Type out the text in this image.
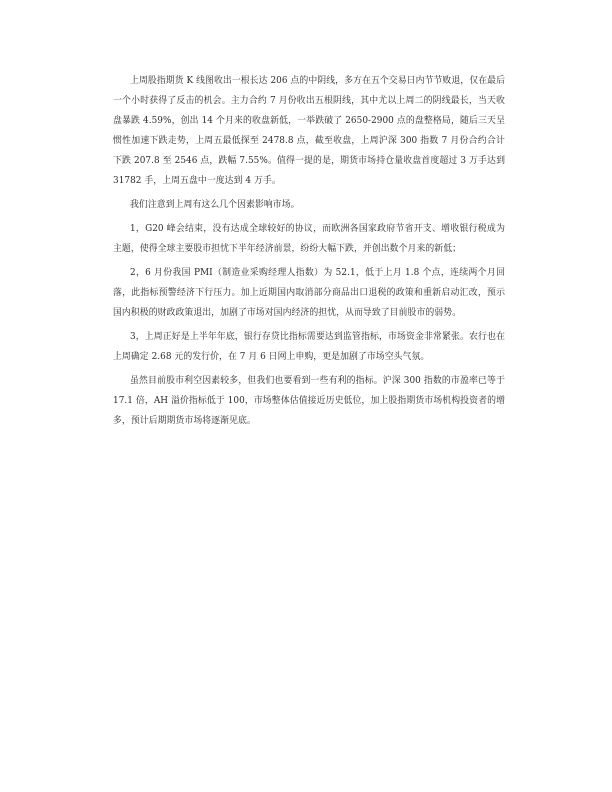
上周股指期货 K 线图收出一根长达 206 点的中阴线，多方在五个交易日内节节败退，仅在最后一个小时获得了反击的机会。主力合约 7 月份收出五根阴线，其中尤以上周二的阴线最长，当天收盘暴跌 4.59%，创出 14 个月来的收盘新低，一举跌破了 2650-2900 点的盘整格局，随后三天呈惯性加速下跌走势，上周五最低探至 2478.8 点，截至收盘，上周沪深 300 指数 7 月份合约合计下跌 207.8 至 2546 点，跌幅 7.55%。值得一提的是，期货市场持仓量收盘首度超过 3 万手达到 31782 手，上周五盘中一度达到 4 万手。

我们注意到上周有这么几个因素影响市场。

1，G20 峰会结束，没有达成全球较好的协议，而欧洲各国家政府节省开支、增收银行税成为主题，使得全球主要股市担忧下半年经济前景，纷纷大幅下跌，并创出数个月来的新低；

2，6 月份我国 PMI（制造业采购经理人指数）为 52.1，低于上月 1.8 个点，连续两个月回落，此指标预警经济下行压力。加上近期国内取消部分商品出口退税的政策和重新启动汇改，预示国内积极的财政政策退出，加剧了市场对国内经济的担忧，从而导致了目前股市的弱势。

3，上周正好是上半年年底，银行存贷比指标需要达到监管指标，市场资金非常紧张。农行也在上周确定 2.68 元的发行价，在 7 月 6 日网上申购，更是加剧了市场空头气氛。

虽然目前股市利空因素较多，但我们也要看到一些有利的指标。沪深 300 指数的市盈率已等于 17.1 倍，AH 溢价指标低于 100，市场整体估值接近历史低位，加上股指期货市场机构投资者的增多，预计后期期货市场将逐渐见底。
